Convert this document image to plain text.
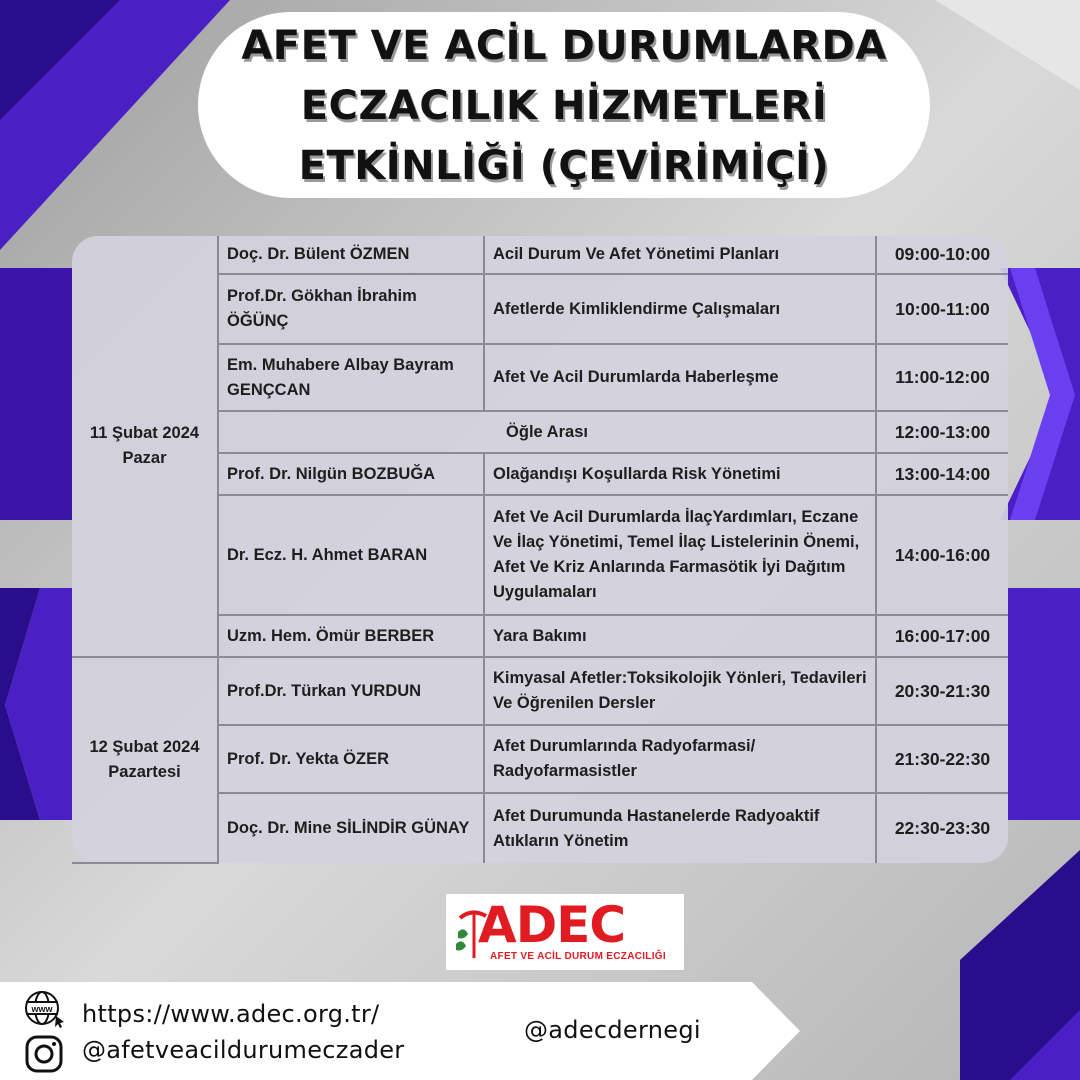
AFET VE ACİL DURUMLARDA
ECZACILIK HİZMETLERİ
ETKİNLİĞİ (ÇEVİRİMİÇİ)
11 Şubat 2024
Pazar	Doç. Dr. Bülent ÖZMEN	Acil Durum Ve Afet Yönetimi Planları	09:00-10:00
	Prof.Dr. Gökhan İbrahim ÖĞÜNÇ	Afetlerde Kimliklendirme Çalışmaları	10:00-11:00
	Em. Muhabere Albay Bayram GENÇCAN	Afet Ve Acil Durumlarda Haberleşme	11:00-12:00
	Öğle Arası		12:00-13:00
	Prof. Dr. Nilgün BOZBUĞA	Olağandışı Koşullarda Risk Yönetimi	13:00-14:00
	Dr. Ecz. H. Ahmet BARAN	Afet Ve Acil Durumlarda İlaçYardımları, Eczane Ve İlaç Yönetimi, Temel İlaç Listelerinin Önemi, Afet Ve Kriz Anlarında Farmasötik İyi Dağıtım Uygulamaları	14:00-16:00
	Uzm. Hem. Ömür BERBER	Yara Bakımı	16:00-17:00

12 Şubat 2024
Pazartesi	Prof.Dr. Türkan YURDUN	Kimyasal Afetler:Toksikolojik Yönleri, Tedavileri Ve Öğrenilen Dersler	20:30-21:30
	Prof. Dr. Yekta ÖZER	Afet Durumlarında Radyofarmasi/ Radyofarmasistler	21:30-22:30
	Doç. Dr. Mine SİLİNDİR GÜNAY	Afet Durumunda Hastanelerde Radyoaktif Atıkların Yönetim	22:30-23:30
ADEC
AFET VE ACİL DURUM ECZACILIĞI
www https://www.adec.org.tr/
@afetveacildurumeczader
@adecdernegi
